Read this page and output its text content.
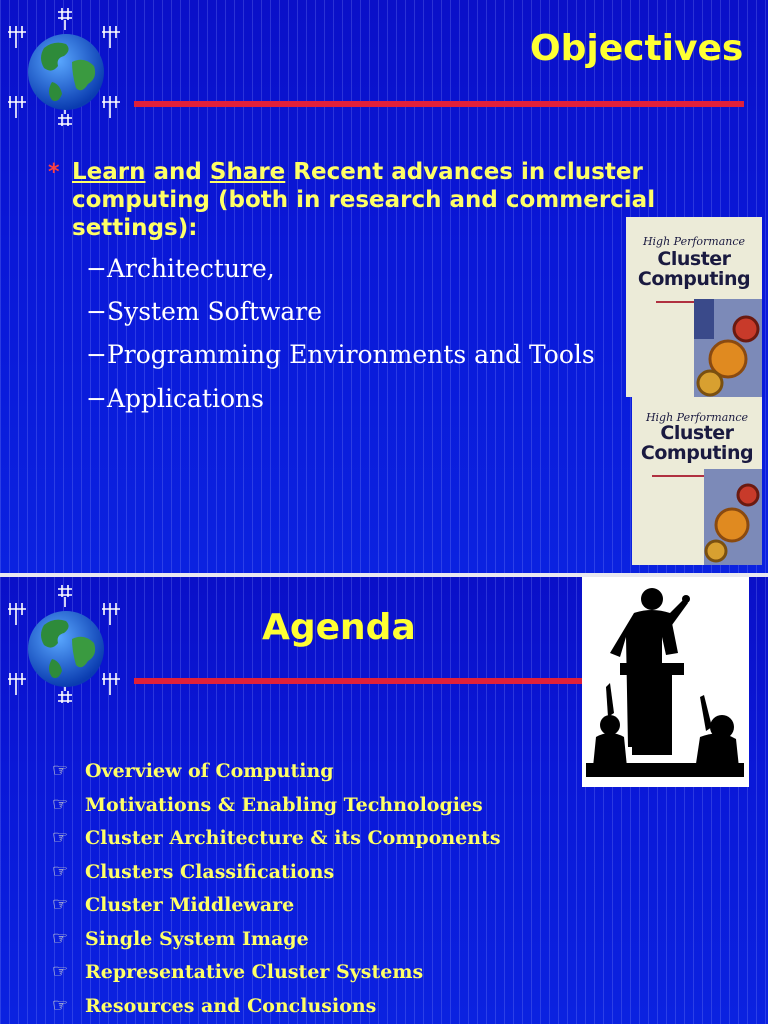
Objectives
* Learn and Share Recent advances in cluster computing (both in research and commercial settings):
−Architecture,
−System Software
−Programming Environments and Tools
−Applications
High Performance
Cluster
Computing
High Performance
Cluster
Computing
Agenda
☞ Overview of Computing
☞ Motivations & Enabling Technologies
☞ Cluster Architecture & its Components
☞ Clusters Classifications
☞ Cluster Middleware
☞ Single System Image
☞ Representative Cluster Systems
☞ Resources and Conclusions
